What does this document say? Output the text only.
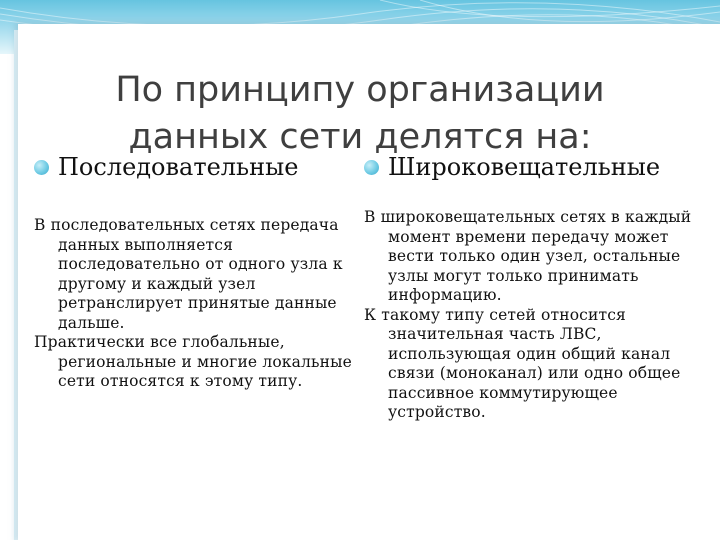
По принципу организации
данных сети делятся на:
Последовательные

В последовательных сетях передача данных выполняется последовательно от одного узла к другому и каждый узел ретранслирует принятые данные дальше.

Практически все глобальные, региональные и многие локальные сети относятся к этому типу.

Широковещательные

В широковещательных сетях в каждый момент времени передачу может вести только один узел, остальные узлы могут только принимать информацию.

К такому типу сетей относится значительная часть ЛВС, использующая один общий канал связи (моноканал) или одно общее пассивное коммутирующее устройство.
